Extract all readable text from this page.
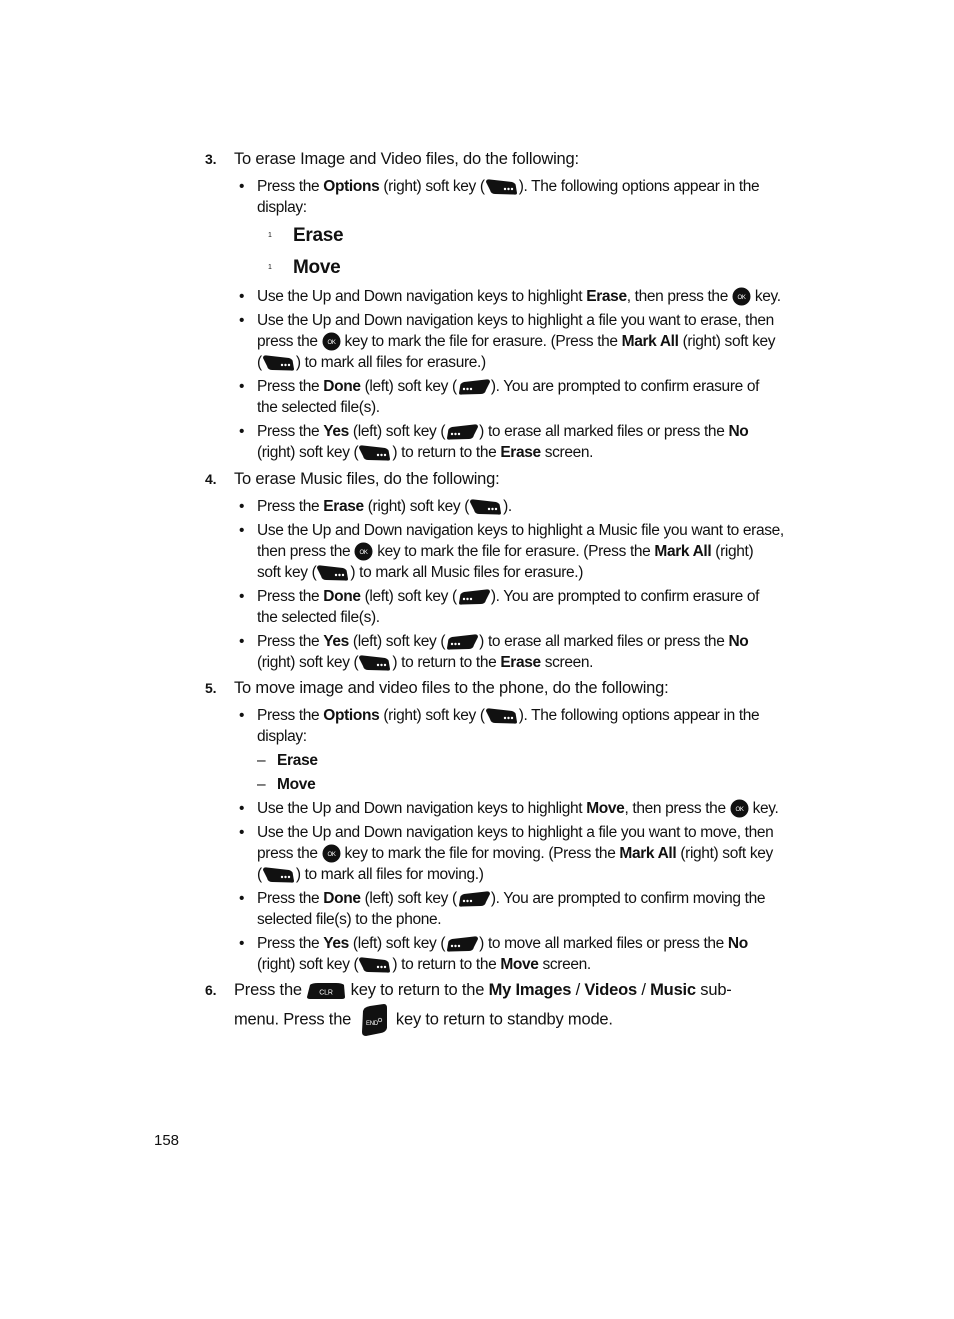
3. To erase Image and Video files, do the following:
• Press the Options (right) soft key ( ). The following options appear in the
display:
1 Erase
1 Move
• Use the Up and Down navigation keys to highlight Erase, then press the  key.
• Use the Up and Down navigation keys to highlight a file you want to erase, then
press the  key to mark the file for erasure. (Press the Mark All (right) soft key
( ) to mark all files for erasure.)
• Press the Done (left) soft key ( ). You are prompted to confirm erasure of
the selected file(s).
• Press the Yes (left) soft key ( ) to erase all marked files or press the No
(right) soft key ( ) to return to the Erase screen.
4. To erase Music files, do the following:
• Press the Erase (right) soft key ( ).
• Use the Up and Down navigation keys to highlight a Music file you want to erase,
then press the  key to mark the file for erasure. (Press the Mark All (right)
soft key ( ) to mark all Music files for erasure.)
• Press the Done (left) soft key ( ). You are prompted to confirm erasure of
the selected file(s).
• Press the Yes (left) soft key ( ) to erase all marked files or press the No
(right) soft key ( ) to return to the Erase screen.
5. To move image and video files to the phone, do the following:
• Press the Options (right) soft key ( ). The following options appear in the
display:
– Erase
– Move
• Use the Up and Down navigation keys to highlight Move, then press the  key.
• Use the Up and Down navigation keys to highlight a file you want to move, then
press the  key to mark the file for moving. (Press the Mark All (right) soft key
( ) to mark all files for moving.)
• Press the Done (left) soft key ( ). You are prompted to confirm moving the
selected file(s) to the phone.
• Press the Yes (left) soft key ( ) to move all marked files or press the No
(right) soft key ( ) to return to the Move screen.
6. Press the  key to return to the My Images / Videos / Music sub-
menu. Press the  key to return to standby mode.
158
